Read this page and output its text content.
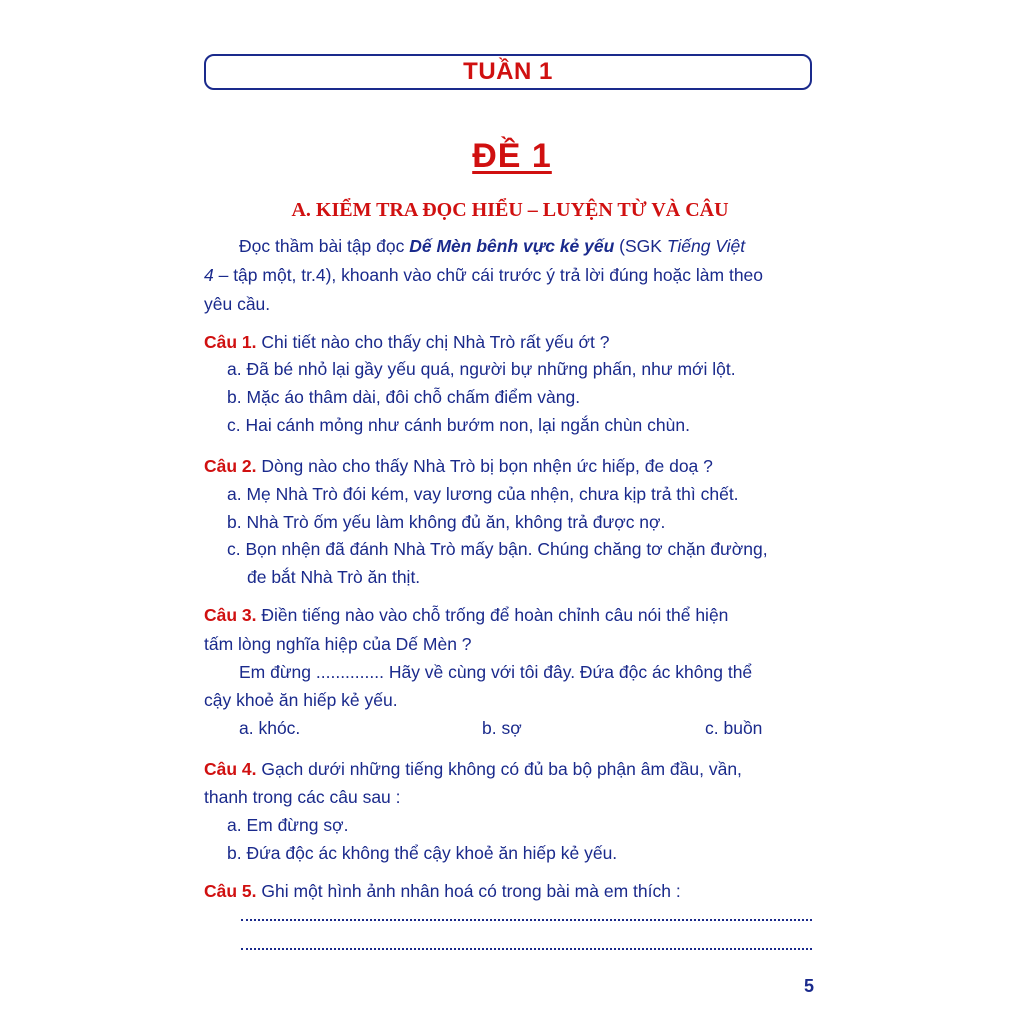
TUẦN 1
ĐỀ 1
A. KIỂM TRA ĐỌC HIỂU – LUYỆN TỪ VÀ CÂU
Đọc thầm bài tập đọc Dế Mèn bênh vực kẻ yếu (SGK Tiếng Việt
4 – tập một, tr.4), khoanh vào chữ cái trước ý trả lời đúng hoặc làm theo
yêu cầu.
Câu 1. Chi tiết nào cho thấy chị Nhà Trò rất yếu ớt ?
a. Đã bé nhỏ lại gầy yếu quá, người bự những phấn, như mới lột.
b. Mặc áo thâm dài, đôi chỗ chấm điểm vàng.
c. Hai cánh mỏng như cánh bướm non, lại ngắn chùn chùn.
Câu 2. Dòng nào cho thấy Nhà Trò bị bọn nhện ức hiếp, đe doạ ?
a. Mẹ Nhà Trò đói kém, vay lương của nhện, chưa kịp trả thì chết.
b. Nhà Trò ốm yếu làm không đủ ăn, không trả được nợ.
c. Bọn nhện đã đánh Nhà Trò mấy bận. Chúng chăng tơ chặn đường,
đe bắt Nhà Trò ăn thịt.
Câu 3. Điền tiếng nào vào chỗ trống để hoàn chỉnh câu nói thể hiện
tấm lòng nghĩa hiệp của Dế Mèn ?
Em đừng .............. Hãy về cùng với tôi đây. Đứa độc ác không thể
cậy khoẻ ăn hiếp kẻ yếu.
a. khóc.	b. sợ	c. buồn
Câu 4. Gạch dưới những tiếng không có đủ ba bộ phận âm đầu, vần,
thanh trong các câu sau :
a. Em đừng sợ.
b. Đứa độc ác không thể cậy khoẻ ăn hiếp kẻ yếu.
Câu 5. Ghi một hình ảnh nhân hoá có trong bài mà em thích :
5
